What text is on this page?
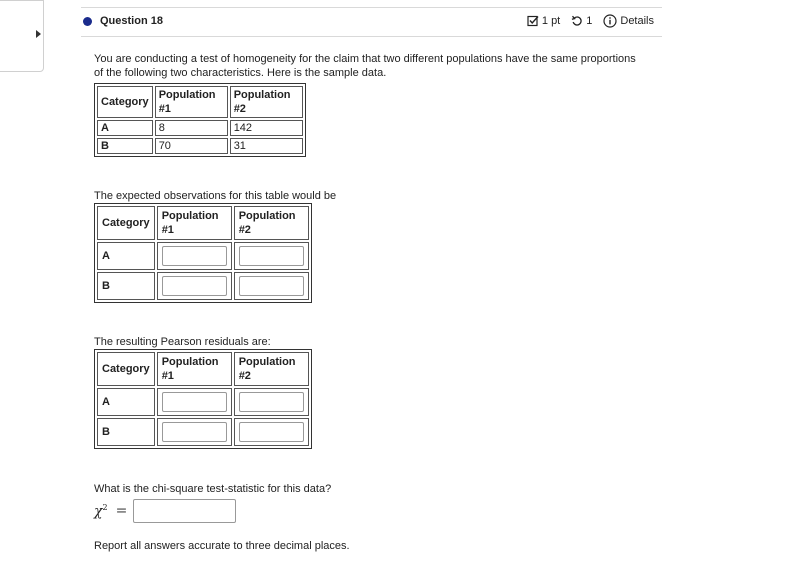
Question 18	1 pt 1	Details

You are conducting a test of homogeneity for the claim that two different populations have the same proportions of the following two characteristics. Here is the sample data.

Category	Population #1	Population #2
A	8	142
B	70	31

The expected observations for this table would be

Category	Population #1	Population #2
A	

B	

The resulting Pearson residuals are:

Category	Population #1	Population #2
A	

B	

What is the chi-square test-statistic for this data?

$\chi^2$ =

Report all answers accurate to three decimal places.
